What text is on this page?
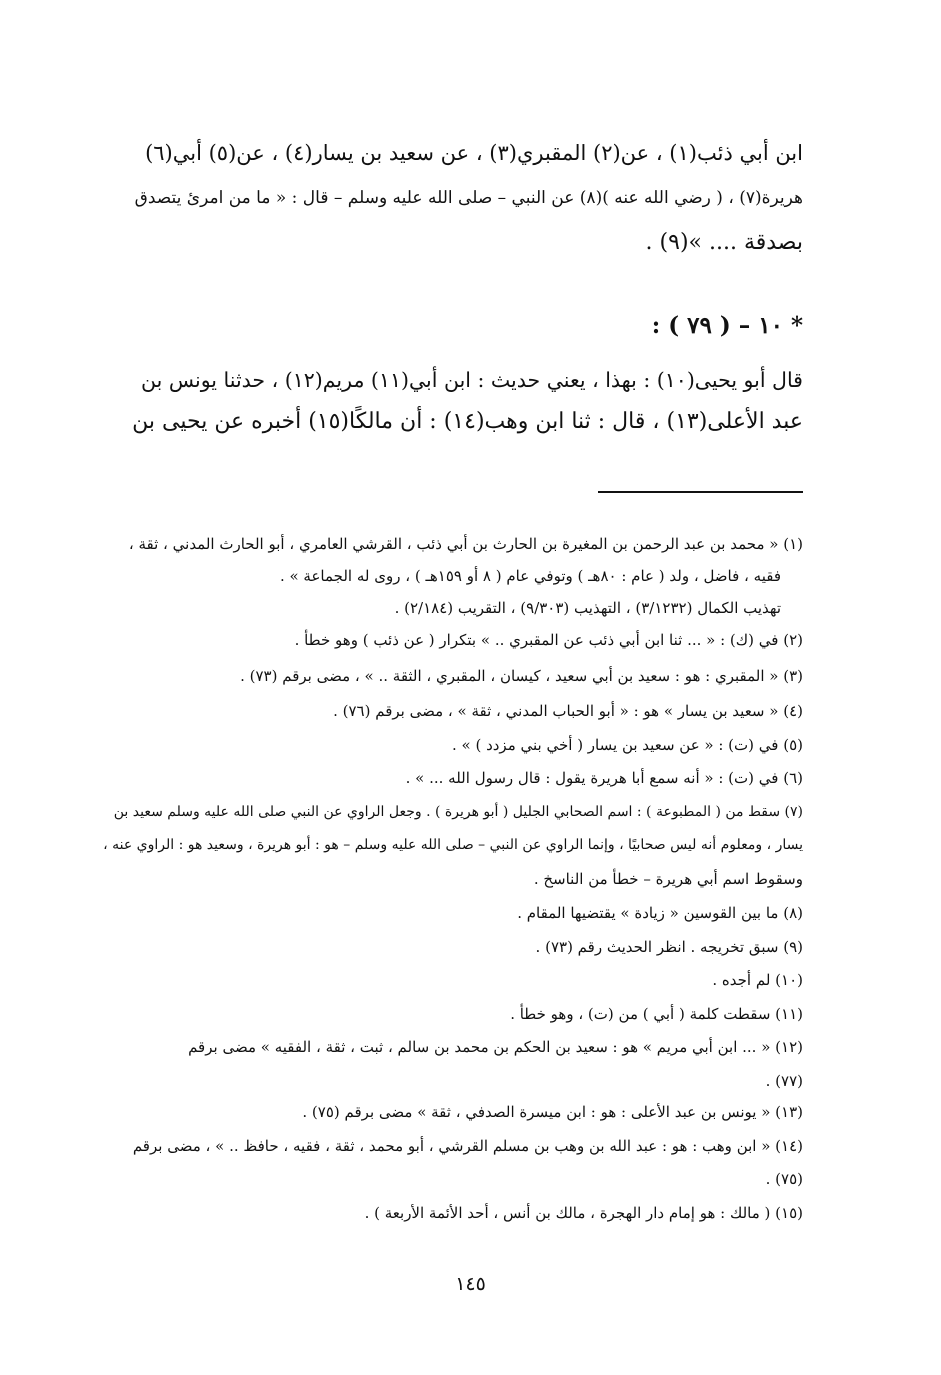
ابن أبي ذئب(١) ، عن(٢) المقبري(٣) ، عن سعيد بن يسار(٤) ، عن(٥) أبي(٦)
هريرة(٧) ، ( رضي الله عنه )(٨) عن النبي – صلى الله عليه وسلم – قال : « ما من امرئ يتصدق
بصدقة .... »(٩) .
* ١٠ – ( ٧٩ ) :
قال أبو يحيى(١٠) : بهذا ، يعني حديث : ابن أبي(١١) مريم(١٢) ، حدثنا يونس بن
عبد الأعلى(١٣) ، قال : ثنا ابن وهب(١٤) : أن مالكًا(١٥) أخبره عن يحيى بن
(١) « محمد بن عبد الرحمن بن المغيرة بن الحارث بن أبي ذئب ، القرشي العامري ، أبو الحارث المدني ، ثقة ،
فقيه ، فاضل ، ولد ( عام : ٨٠هـ ) وتوفي عام ( ٨ أو ١٥٩هـ ) ، روى له الجماعة » .
تهذيب الكمال (٣/١٢٣٢) ، التهذيب (٩/٣٠٣) ، التقريب (٢/١٨٤) .
(٢) في (ك) : « ... ثنا ابن أبي ذئب عن المقبري .. » بتكرار ( عن ذئب ) وهو خطأ .
(٣) « المقبري : هو : سعيد بن أبي سعيد ، كيسان ، المقبري ، الثقة .. » ، مضى برقم (٧٣) .
(٤) « سعيد بن يسار » هو : « أبو الحباب المدني ، ثقة » ، مضى برقم (٧٦) .
(٥) في (ت) : « عن سعيد بن يسار ( أخي بني مزدد ) » .
(٦) في (ت) : « أنه سمع أبا هريرة يقول : قال رسول الله ... » .
(٧) سقط من ( المطبوعة ) : اسم الصحابي الجليل ( أبو هريرة ) . وجعل الراوي عن النبي صلى الله عليه وسلم سعيد بن
يسار ، ومعلوم أنه ليس صحابيًا ، وإنما الراوي عن النبي – صلى الله عليه وسلم – هو : أبو هريرة ، وسعيد هو : الراوي عنه ،
وسقوط اسم أبي هريرة – خطأ من الناسخ .
(٨) ما بين القوسين « زيادة » يقتضيها المقام .
(٩) سبق تخريجه . انظر الحديث رقم (٧٣) .
(١٠) لم أجده .
(١١) سقطت كلمة ( أبي ) من (ت) ، وهو خطأ .
(١٢) « ... ابن أبي مريم » هو : سعيد بن الحكم بن محمد بن سالم ، ثبت ، ثقة ، الفقيه » مضى برقم
(٧٧) .
(١٣) « يونس بن عبد الأعلى : هو : ابن ميسرة الصدفي ، ثقة » مضى برقم (٧٥) .
(١٤) « ابن وهب : هو : عبد الله بن وهب بن مسلم القرشي ، أبو محمد ، ثقة ، فقيه ، حافظ .. » ، مضى برقم
(٧٥) .
(١٥) ( مالك : هو إمام دار الهجرة ، مالك بن أنس ، أحد الأئمة الأربعة ) .
١٤٥
